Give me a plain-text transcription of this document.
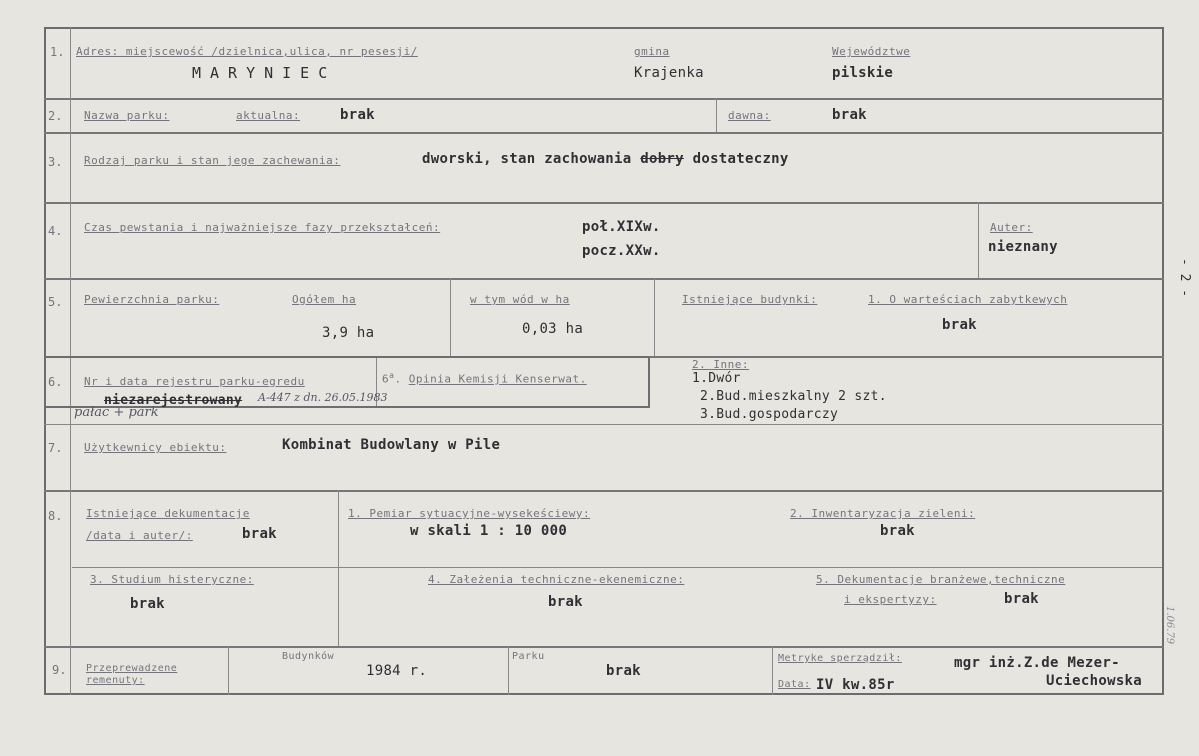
1. Adres: miejscewość /dzielnica,ulica, nr pesesji/
MARYNIEC
gmina
Krajenka
Wejewództwe
pilskie
2. Nazwa parku:	aktualna:	brak	dawna:	brak
3. Rodzaj parku i stan jege zachewania:	dworski, stan zachowania dobry dostateczny
4. Czas pewstania i najważniejsze fazy przekształceń:	poł.XIXw.
pocz.XXw.
Auter:
nieznany
5. Pewierzchnia parku:	Ogółem ha
3,9 ha
w tym wód w ha
0,03 ha
Istniejące budynki:	1. O warteściach zabytkewych
brak
6. Nr i data rejestru parku-egredu
niezarejestrowany A-447 z dn. 26.05.1983
pałac + park
6$^a$. Opinia Kemisji Kenserwat.
2. Inne:
1.Dwór
2.Bud.mieszkalny 2 szt.
3.Bud.gospodarczy
7. Użytkewnicy ebiektu:	Kombinat Budowlany w Pile
8. Istniejące dekumentacje
/data i auter/:	brak
1. Pemiar sytuacyjne-wysekeściewy:
w skali 1 : 10 000
2. Inwentaryzacja zieleni:
brak
3. Studium histeryczne:
brak
4. Załeżenia techniczne-ekenemiczne:
brak
5. Dekumentacje branżewe,techniczne
i ekspertyzy:	brak
9. Przeprewadzene
remenuty:
Budynków
1984 r.
Parku
brak
Metryke sperządził:	mgr inż.Z.de Mezer-
Uciechowska
Data: IV kw.85r
- 2 -
1.06.79
